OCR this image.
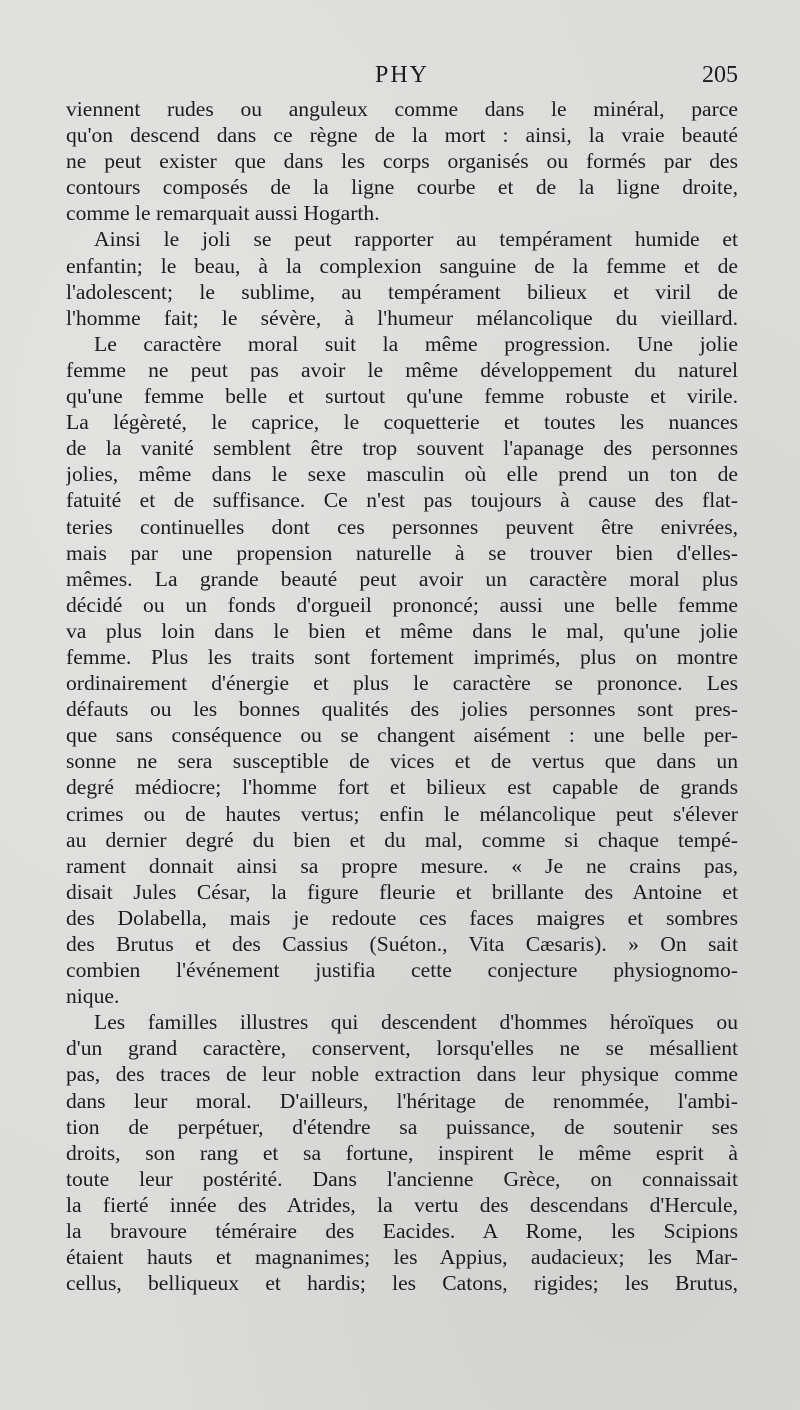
PHY	205
viennent rudes ou anguleux comme dans le minéral, parce
qu'on descend dans ce règne de la mort : ainsi, la vraie beauté
ne peut exister que dans les corps organisés ou formés par des
contours composés de la ligne courbe et de la ligne droite,
comme le remarquait aussi Hogarth.
Ainsi le joli se peut rapporter au tempérament humide et
enfantin; le beau, à la complexion sanguine de la femme et de
l'adolescent; le sublime, au tempérament bilieux et viril de
l'homme fait; le sévère, à l'humeur mélancolique du vieillard.
Le caractère moral suit la même progression. Une jolie
femme ne peut pas avoir le même développement du naturel
qu'une femme belle et surtout qu'une femme robuste et virile.
La légèreté, le caprice, le coquetterie et toutes les nuances
de la vanité semblent être trop souvent l'apanage des personnes
jolies, même dans le sexe masculin où elle prend un ton de
fatuité et de suffisance. Ce n'est pas toujours à cause des flat-
teries continuelles dont ces personnes peuvent être enivrées,
mais par une propension naturelle à se trouver bien d'elles-
mêmes. La grande beauté peut avoir un caractère moral plus
décidé ou un fonds d'orgueil prononcé; aussi une belle femme
va plus loin dans le bien et même dans le mal, qu'une jolie
femme. Plus les traits sont fortement imprimés, plus on montre
ordinairement d'énergie et plus le caractère se prononce. Les
défauts ou les bonnes qualités des jolies personnes sont pres-
que sans conséquence ou se changent aisément : une belle per-
sonne ne sera susceptible de vices et de vertus que dans un
degré médiocre; l'homme fort et bilieux est capable de grands
crimes ou de hautes vertus; enfin le mélancolique peut s'élever
au dernier degré du bien et du mal, comme si chaque tempé-
rament donnait ainsi sa propre mesure. « Je ne crains pas,
disait Jules César, la figure fleurie et brillante des Antoine et
des Dolabella, mais je redoute ces faces maigres et sombres
des Brutus et des Cassius (Suéton., Vita Cæsaris). » On sait
combien l'événement justifia cette conjecture physiognomo-
nique.
Les familles illustres qui descendent d'hommes héroïques ou
d'un grand caractère, conservent, lorsqu'elles ne se mésallient
pas, des traces de leur noble extraction dans leur physique comme
dans leur moral. D'ailleurs, l'héritage de renommée, l'ambi-
tion de perpétuer, d'étendre sa puissance, de soutenir ses
droits, son rang et sa fortune, inspirent le même esprit à
toute leur postérité. Dans l'ancienne Grèce, on connaissait
la fierté innée des Atrides, la vertu des descendans d'Hercule,
la bravoure téméraire des Eacides. A Rome, les Scipions
étaient hauts et magnanimes; les Appius, audacieux; les Mar-
cellus, belliqueux et hardis; les Catons, rigides; les Brutus,
